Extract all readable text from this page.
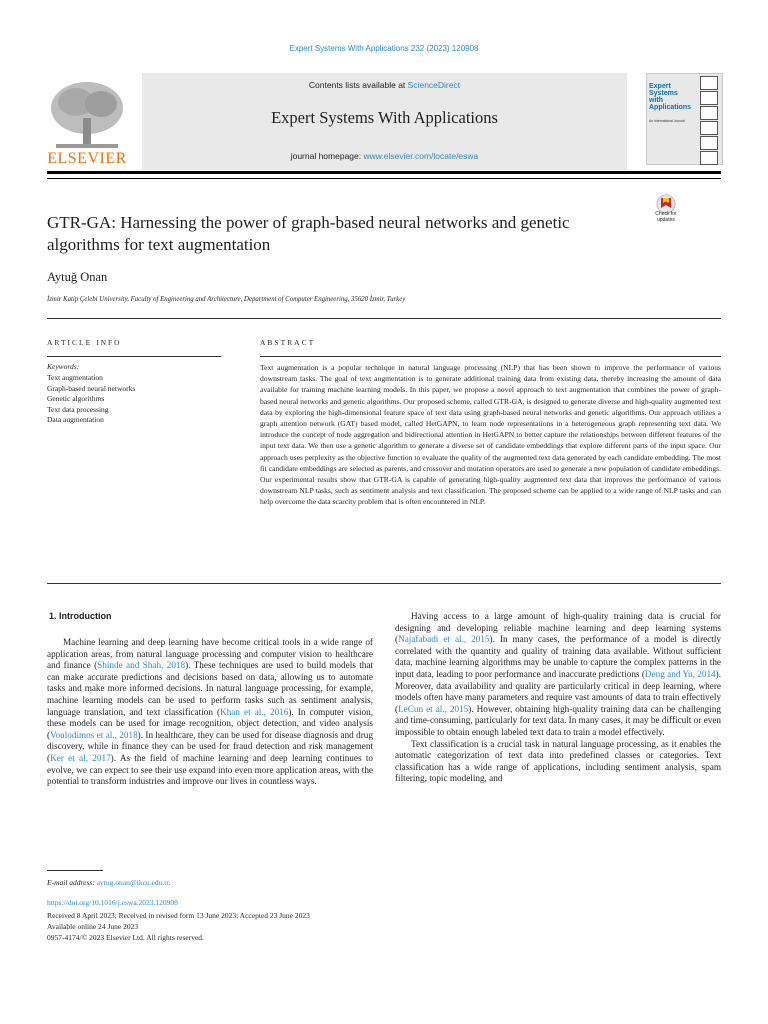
Expert Systems With Applications 232 (2023) 120908
Contents lists available at ScienceDirect
Expert Systems With Applications
journal homepage: www.elsevier.com/locate/eswa
ELSEVIER
Expert Systems with Applications
An International Journal
GTR-GA: Harnessing the power of graph-based neural networks and genetic algorithms for text augmentation
Check for updates
Aytuğ Onan
İzmir Katip Çelebi University, Faculty of Engineering and Architecture, Department of Computer Engineering, 35620 İzmir, Turkey
ARTICLE INFO	ABSTRACT
Keywords:
Text augmentation
Graph-based neural networks
Genetic algorithms
Text data processing
Data augmentation
Text augmentation is a popular technique in natural language processing (NLP) that has been shown to improve the performance of various downstream tasks. The goal of text augmentation is to generate additional training data from existing data, thereby increasing the amount of data available for training machine learning models. In this paper, we propose a novel approach to text augmentation that combines the power of graph-based neural networks and genetic algorithms. Our proposed scheme, called GTR-GA, is designed to generate diverse and high-quality augmented text data by exploring the high-dimensional feature space of text data using graph-based neural networks and genetic algorithms. Our approach utilizes a graph attention network (GAT) based model, called HetGAPN, to learn node representations in a heterogeneous graph representing text data. We introduce the concept of node aggregation and bidirectional attention in HetGAPN to better capture the relationships between different features of the input text data. We then use a genetic algorithm to generate a diverse set of candidate embeddings that explore different parts of the input space. Our approach uses perplexity as the objective function to evaluate the quality of the augmented text data generated by each candidate embedding. The most fit candidate embeddings are selected as parents, and crossover and mutation operators are used to generate a new population of candidate embeddings. Our experimental results show that GTR-GA is capable of generating high-quality augmented text data that improves the performance of various downstream NLP tasks, such as sentiment analysis and text classification. The proposed scheme can be applied to a wide range of NLP tasks and can help overcome the data scarcity problem that is often encountered in NLP.
1. Introduction

Machine learning and deep learning have become critical tools in a wide range of application areas, from natural language processing and computer vision to healthcare and finance (Shinde and Shah, 2018). These techniques are used to build models that can make accurate predictions and decisions based on data, allowing us to automate tasks and make more informed decisions. In natural language processing, for example, machine learning models can be used to perform tasks such as sentiment analysis, language translation, and text classification (Khan et al., 2016). In computer vision, these models can be used for image recognition, object detection, and video analysis (Voulodimos et al., 2018). In healthcare, they can be used for disease diagnosis and drug discovery, while in finance they can be used for fraud detection and risk management (Ker et al, 2017). As the field of machine learning and deep learning continues to evolve, we can expect to see their use expand into even more application areas, with the potential to transform industries and improve our lives in countless ways.

Having access to a large amount of high-quality training data is crucial for designing and developing reliable machine learning and deep learning systems (Najafabadi et al., 2015). In many cases, the performance of a model is directly correlated with the quantity and quality of training data available. Without sufficient data, machine learning algorithms may be unable to capture the complex patterns in the input data, leading to poor performance and inaccurate predictions (Deng and Yu, 2014). Moreover, data availability and quality are particularly critical in deep learning, where models often have many parameters and require vast amounts of data to train effectively (LeCun et al., 2015). However, obtaining high-quality training data can be challenging and time-consuming, particularly for text data. In many cases, it may be difficult or even impossible to obtain enough labeled text data to train a model effectively.

Text classification is a crucial task in natural language processing, as it enables the automatic categorization of text data into predefined classes or categories. Text classification has a wide range of applications, including sentiment analysis, spam filtering, topic modeling, and

E-mail address: aytug.onan@ikcu.edu.tr.
https://doi.org/10.1016/j.eswa.2023.120908
Received 8 April 2023; Received in revised form 13 June 2023; Accepted 23 June 2023
Available online 24 June 2023
0957-4174/© 2023 Elsevier Ltd. All rights reserved.
